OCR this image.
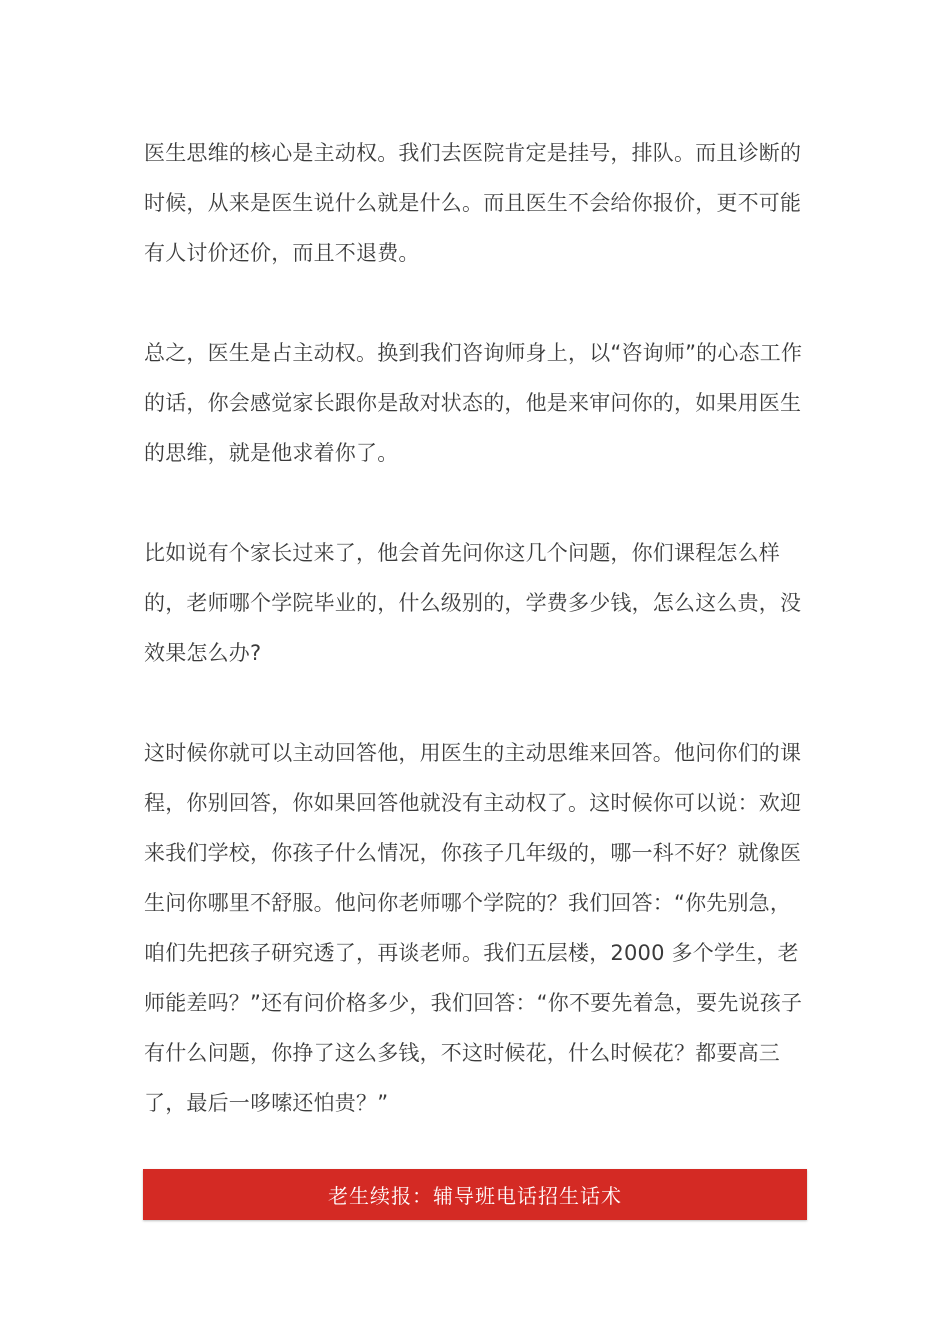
医生思维的核心是主动权。我们去医院肯定是挂号，排队。而且诊断的时候，从来是医生说什么就是什么。而且医生不会给你报价，更不可能有人讨价还价，而且不退费。

总之，医生是占主动权。换到我们咨询师身上，以“咨询师”的心态工作的话，你会感觉家长跟你是敌对状态的，他是来审问你的，如果用医生的思维，就是他求着你了。

比如说有个家长过来了，他会首先问你这几个问题，你们课程怎么样的，老师哪个学院毕业的，什么级别的，学费多少钱，怎么这么贵，没效果怎么办?

这时候你就可以主动回答他，用医生的主动思维来回答。他问你们的课程，你别回答，你如果回答他就没有主动权了。这时候你可以说：欢迎来我们学校，你孩子什么情况，你孩子几年级的，哪一科不好？就像医生问你哪里不舒服。他问你老师哪个学院的？我们回答：“你先别急，咱们先把孩子研究透了，再谈老师。我们五层楼，2000 多个学生，老师能差吗？”还有问价格多少，我们回答：“你不要先着急，要先说孩子有什么问题，你挣了这么多钱，不这时候花，什么时候花？都要高三了，最后一哆嗦还怕贵？”

老生续报：辅导班电话招生话术
